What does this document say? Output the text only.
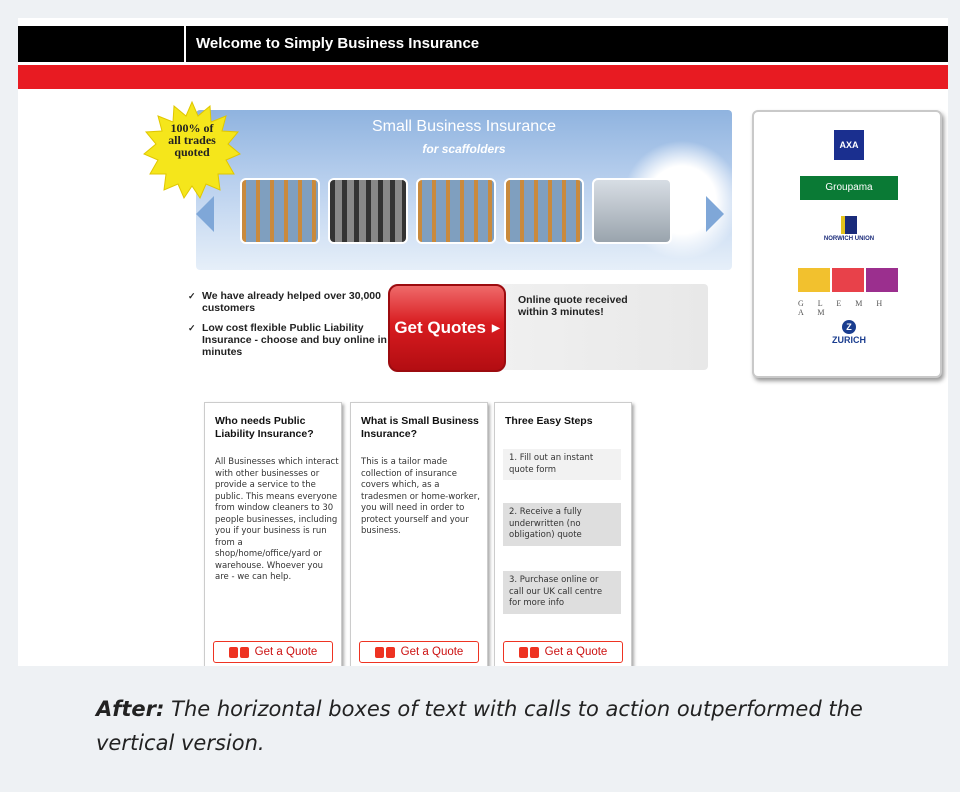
Welcome to Simply Business Insurance
Small Business Insurance
for scaffolders
100% of
all trades
quoted
✓ We have already helped over 30,000 customers
✓ Low cost flexible Public Liability Insurance - choose and buy online in minutes
Get Quotes ▶
Online quote received within 3 minutes!
AXA
Groupama
NORWICH UNION
G L E M H A M
Z
ZURICH
Who needs Public Liability Insurance?
All Businesses which interact with other businesses or provide a service to the public. This means everyone from window cleaners to 30 people businesses, including you if your business is run from a shop/home/office/yard or warehouse. Whoever you are - we can help.
Get a Quote
What is Small Business Insurance?
This is a tailor made collection of insurance covers which, as a tradesmen or home-worker, you will need in order to protect yourself and your business.
Get a Quote
Three Easy Steps
1. Fill out an instant quote form
2. Receive a fully underwritten (no obligation) quote
3. Purchase online or call our UK call centre for more info
Get a Quote
After: The horizontal boxes of text with calls to action outperformed the vertical version.
